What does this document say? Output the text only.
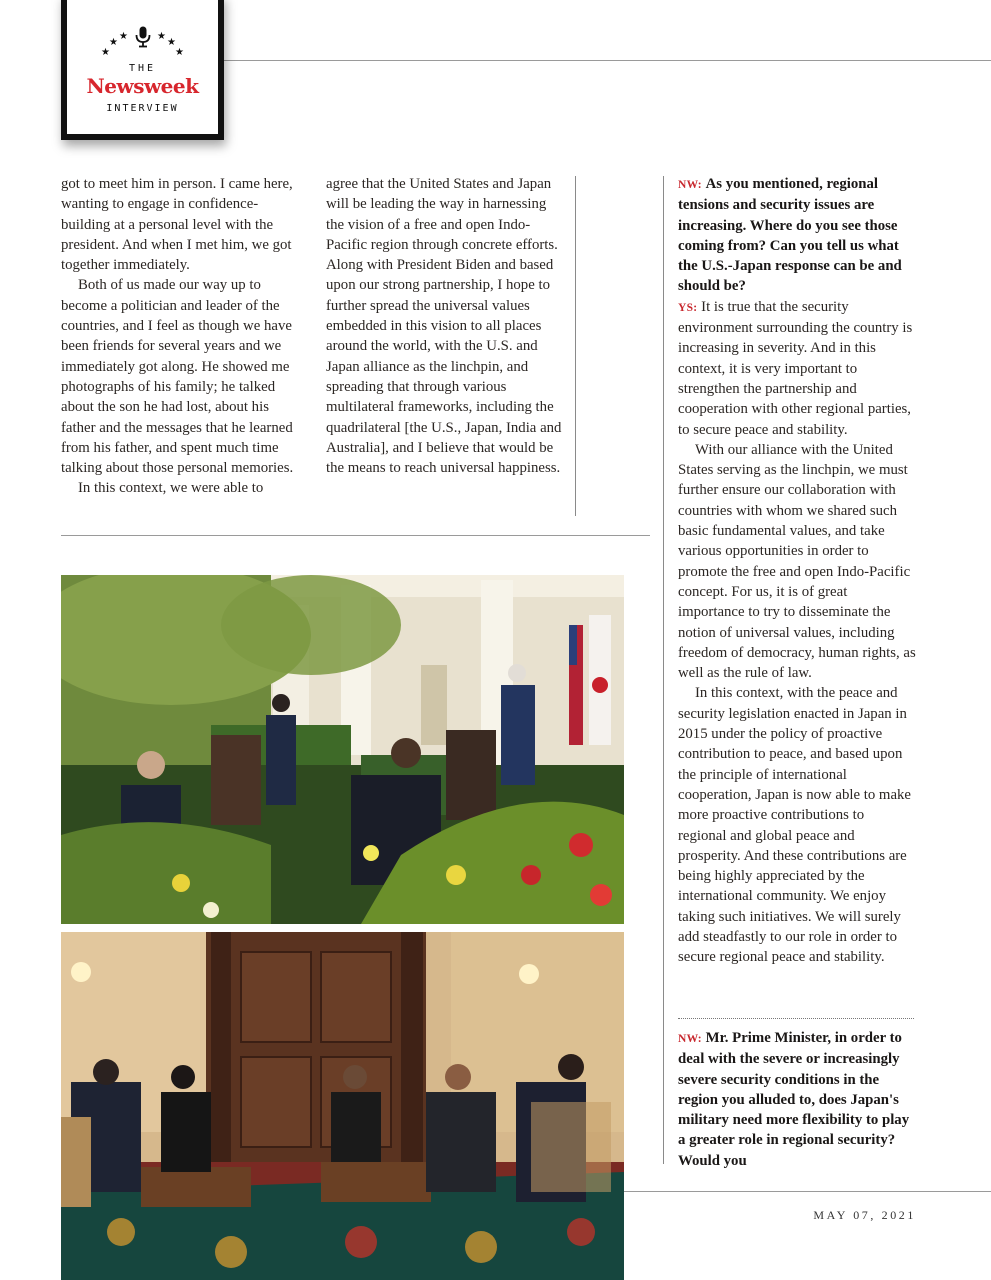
★
★
★	★
★
★
THE
Newsweek
INTERVIEW

got to meet him in person. I came here, wanting to engage in confidence-building at a personal level with the president. And when I met him, we got together immediately.

Both of us made our way up to become a politician and leader of the countries, and I feel as though we have been friends for several years and we immediately got along. He showed me photographs of his family; he talked about the son he had lost, about his father and the messages that he learned from his father, and spent much time talking about those personal memories.

In this context, we were able to

agree that the United States and Japan will be leading the way in harnessing the vision of a free and open Indo-Pacific region through concrete efforts. Along with President Biden and based upon our strong partnership, I hope to further spread the universal values embedded in this vision to all places around the world, with the U.S. and Japan alliance as the linchpin, and spreading that through various multilateral frameworks, including the quadrilateral [the U.S., Japan, India and Australia], and I believe that would be the means to reach universal happiness.

NW: As you mentioned, regional tensions and security issues are increasing. Where do you see those coming from? Can you tell us what the U.S.-Japan response can be and should be?

YS: It is true that the security environment surrounding the country is increasing in severity. And in this context, it is very important to strengthen the partnership and cooperation with other regional parties, to secure peace and stability.

With our alliance with the United States serving as the linchpin, we must further ensure our collaboration with countries with whom we shared such basic fundamental values, and take various opportunities in order to promote the free and open Indo-Pacific concept. For us, it is of great importance to try to disseminate the notion of universal values, including freedom of democracy, human rights, as well as the rule of law.

In this context, with the peace and security legislation enacted in Japan in 2015 under the policy of proactive contribution to peace, and based upon the principle of international cooperation, Japan is now able to make more proactive contributions to regional and global peace and prosperity. And these contributions are being highly appreciated by the international community. We enjoy taking such initiatives. We will surely add steadfastly to our role in order to secure regional peace and stability.

NW: Mr. Prime Minister, in order to deal with the severe or increasingly severe security conditions in the region you alluded to, does Japan's military need more flexibility to play a greater role in regional security? Would you

MAY 07, 2021
